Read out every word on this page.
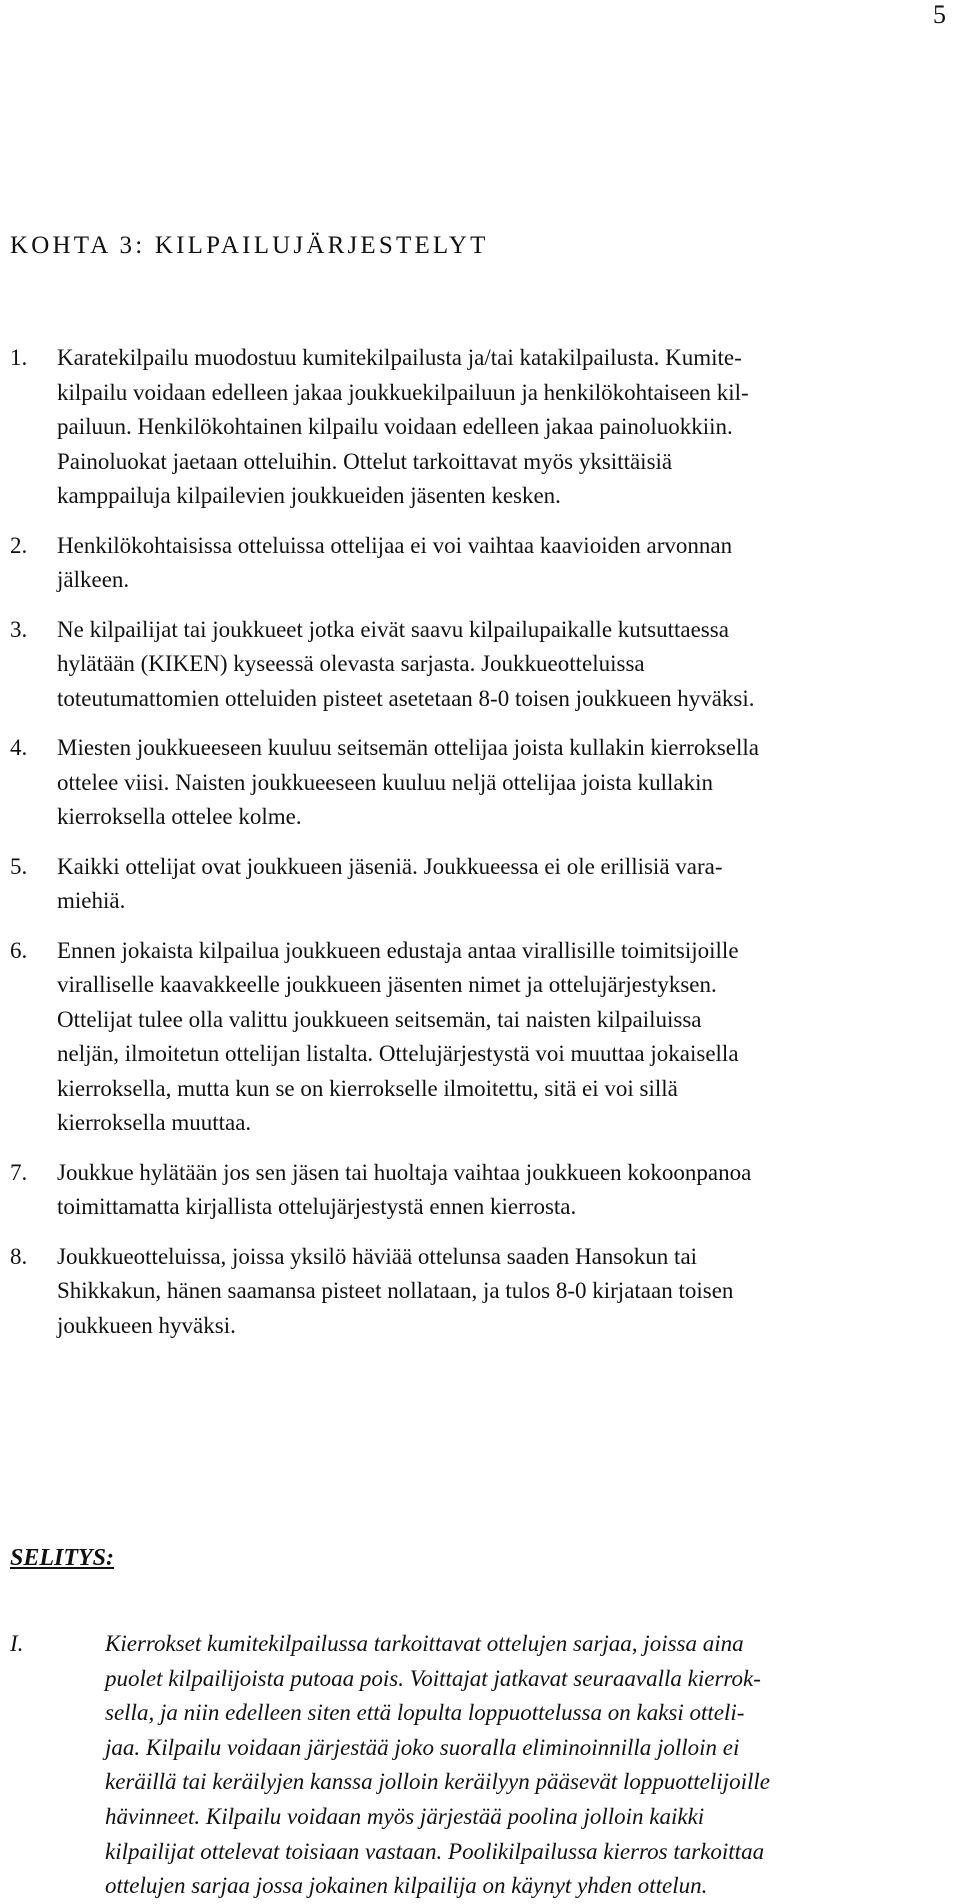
5
KOHTA 3: KILPAILUJÄRJESTELYT
1.	Karatekilpailu muodostuu kumitekilpailusta ja/tai katakilpailusta. Kumite-
kilpailu voidaan edelleen jakaa joukkuekilpailuun ja henkilökohtaiseen kil-
pailuun. Henkilökohtainen kilpailu voidaan edelleen jakaa painoluokkiin.
Painoluokat jaetaan otteluihin. Ottelut tarkoittavat myös yksittäisiä
kamppailuja kilpailevien joukkueiden jäsenten kesken.
2.	Henkilökohtaisissa otteluissa ottelijaa ei voi vaihtaa kaavioiden arvonnan
jälkeen.
3.	Ne kilpailijat tai joukkueet jotka eivät saavu kilpailupaikalle kutsuttaessa
hylätään (KIKEN) kyseessä olevasta sarjasta. Joukkueotteluissa
toteutumattomien otteluiden pisteet asetetaan 8-0 toisen joukkueen hyväksi.
4.	Miesten joukkueeseen kuuluu seitsemän ottelijaa joista kullakin kierroksella
ottelee viisi. Naisten joukkueeseen kuuluu neljä ottelijaa joista kullakin
kierroksella ottelee kolme.
5.	Kaikki ottelijat ovat joukkueen jäseniä. Joukkueessa ei ole erillisiä vara-
miehiä.
6.	Ennen jokaista kilpailua joukkueen edustaja antaa virallisille toimitsijoille
viralliselle kaavakkeelle joukkueen jäsenten nimet ja ottelujärjestyksen.
Ottelijat tulee olla valittu joukkueen seitsemän, tai naisten kilpailuissa
neljän, ilmoitetun ottelijan listalta. Ottelujärjestystä voi muuttaa jokaisella
kierroksella, mutta kun se on kierrokselle ilmoitettu, sitä ei voi sillä
kierroksella muuttaa.
7.	Joukkue hylätään jos sen jäsen tai huoltaja vaihtaa joukkueen kokoonpanoa
toimittamatta kirjallista ottelujärjestystä ennen kierrosta.
8.	Joukkueotteluissa, joissa yksilö häviää ottelunsa saaden Hansokun tai
Shikkakun, hänen saamansa pisteet nollataan, ja tulos 8-0 kirjataan toisen
joukkueen hyväksi.
SELITYS:
I.	Kierrokset kumitekilpailussa tarkoittavat ottelujen sarjaa, joissa aina
puolet kilpailijoista putoaa pois. Voittajat jatkavat seuraavalla kierrok-
sella, ja niin edelleen siten että lopulta loppuottelussa on kaksi otteli-
jaa. Kilpailu voidaan järjestää joko suoralla eliminoinnilla jolloin ei
keräillä tai keräilyjen kanssa jolloin keräilyyn pääsevät loppuottelijoille
hävinneet. Kilpailu voidaan myös järjestää poolina jolloin kaikki
kilpailijat ottelevat toisiaan vastaan. Poolikilpailussa kierros tarkoittaa
ottelujen sarjaa jossa jokainen kilpailija on käynyt yhden ottelun.
